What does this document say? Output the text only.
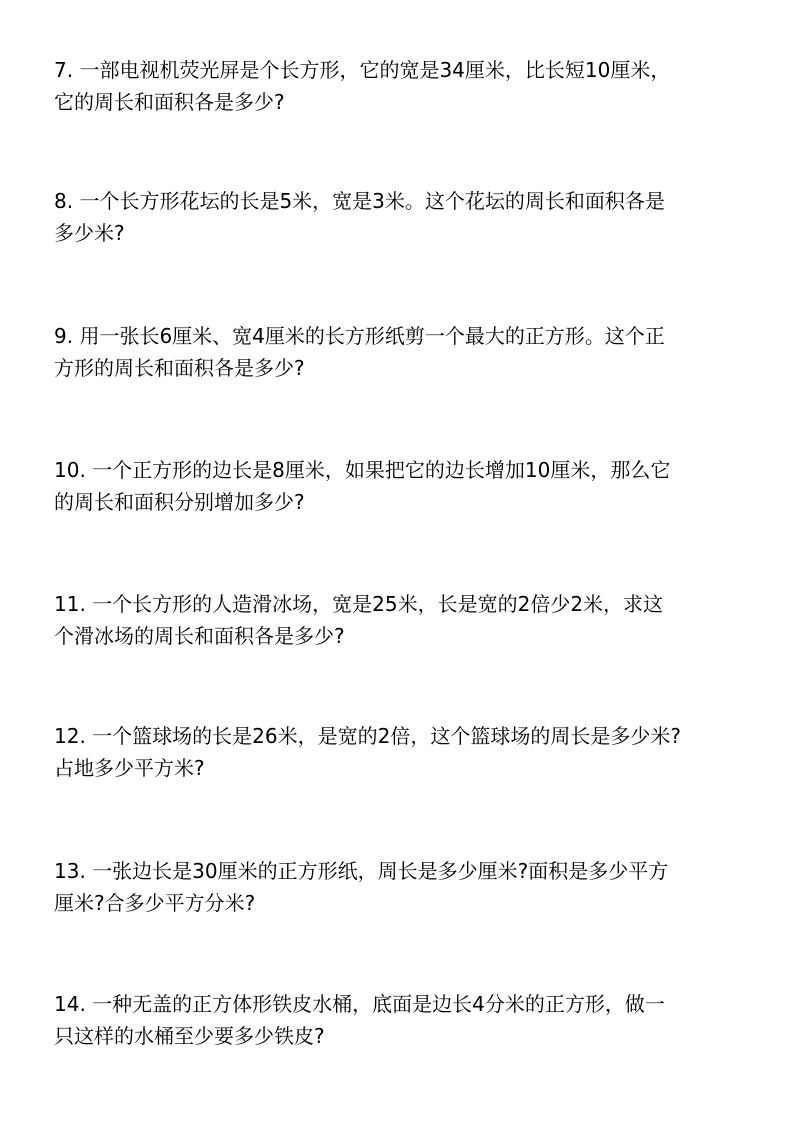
7. 一部电视机荧光屏是个长方形，它的宽是34厘米，比长短10厘米，
它的周长和面积各是多少?
8. 一个长方形花坛的长是5米，宽是3米。这个花坛的周长和面积各是
多少米?
9. 用一张长6厘米、宽4厘米的长方形纸剪一个最大的正方形。这个正
方形的周长和面积各是多少?
10. 一个正方形的边长是8厘米，如果把它的边长增加10厘米，那么它
的周长和面积分别增加多少?
11. 一个长方形的人造滑冰场，宽是25米，长是宽的2倍少2米，求这
个滑冰场的周长和面积各是多少?
12. 一个篮球场的长是26米，是宽的2倍，这个篮球场的周长是多少米?
占地多少平方米?
13. 一张边长是30厘米的正方形纸，周长是多少厘米?面积是多少平方
厘米?合多少平方分米?
14. 一种无盖的正方体形铁皮水桶，底面是边长4分米的正方形，做一
只这样的水桶至少要多少铁皮?
